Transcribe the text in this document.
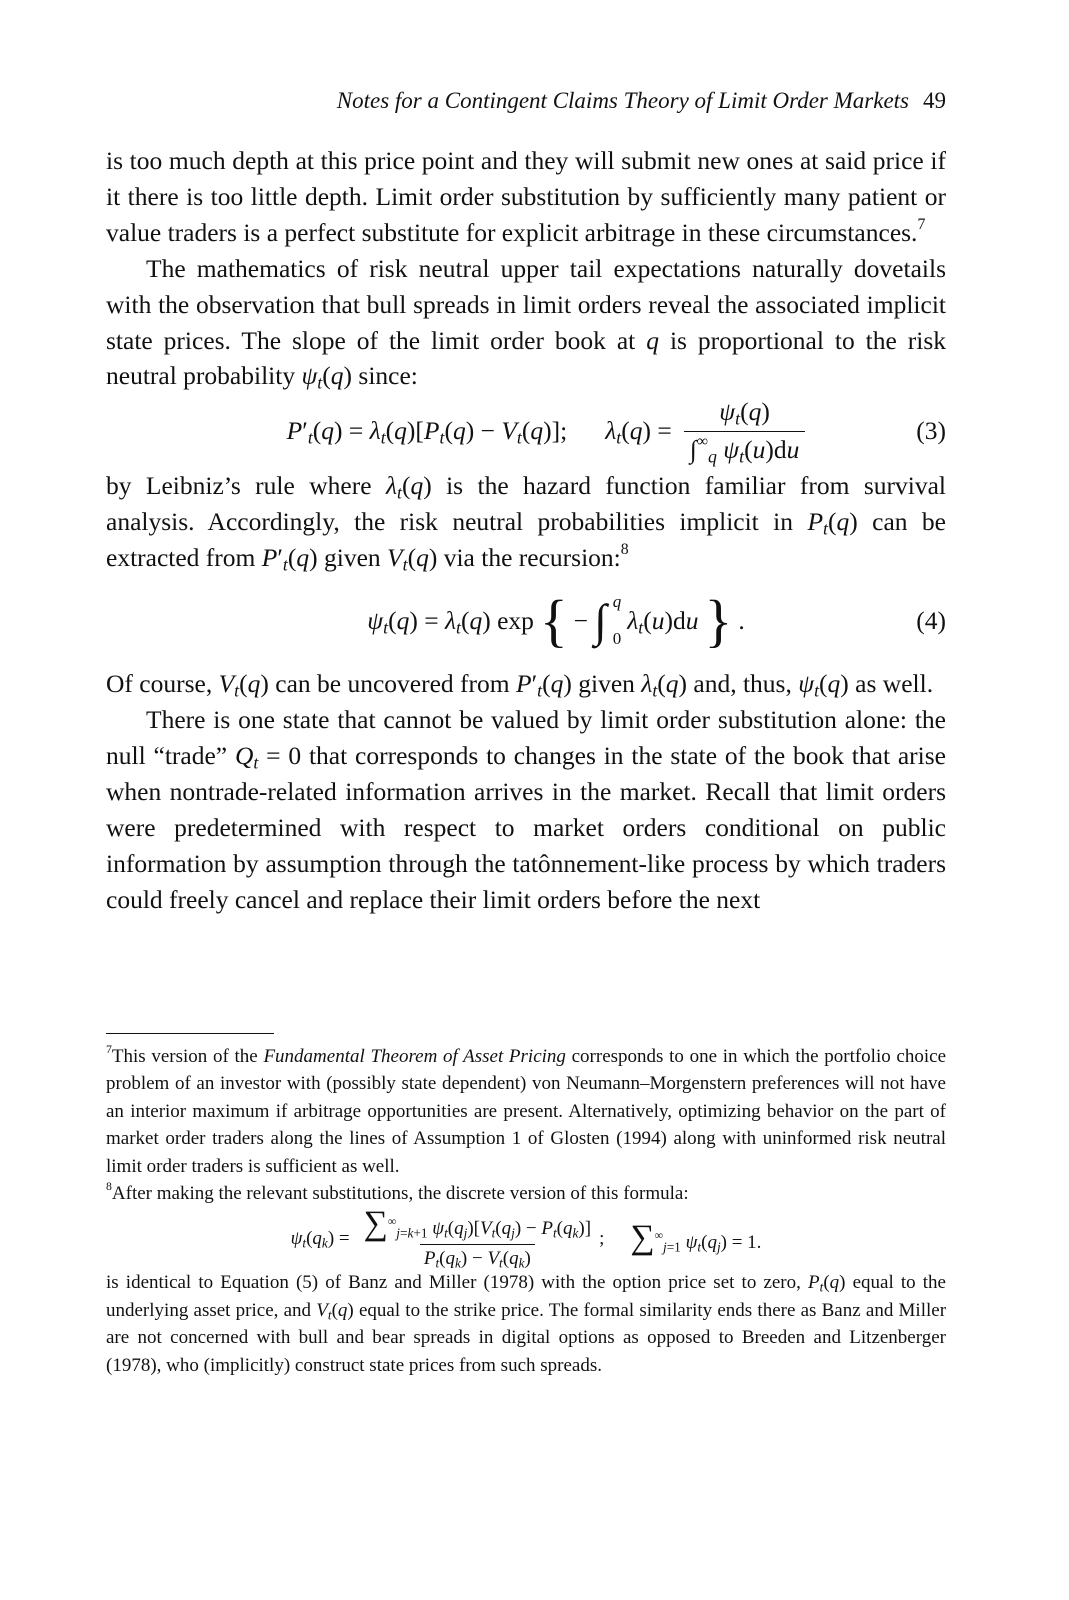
Notes for a Contingent Claims Theory of Limit Order Markets 49

is too much depth at this price point and they will submit new ones at said price if it there is too little depth. Limit order substitution by sufficiently many patient or value traders is a perfect substitute for explicit arbitrage in these circumstances.$^7$

The mathematics of risk neutral upper tail expectations naturally dovetails with the observation that bull spreads in limit orders reveal the associated implicit state prices. The slope of the limit order book at q is proportional to the risk neutral probability $\psi_t(q)$ since:

$P'_t(q) = \lambda_t(q)[P_t(q) - V_t(q)]$; $\lambda_t(q) = \frac{\psi_t(q)}{\int^\infty_q \psi_t(u)du}$	(3)

by Leibniz’s rule where $\lambda_t(q)$ is the hazard function familiar from survival analysis. Accordingly, the risk neutral probabilities implicit in $P_t(q)$ can be extracted from $P'_t(q)$ given $V_t(q)$ via the recursion:$^8$

$\psi_t(q) = \lambda_t(q)$ exp { − ∫ q
0
$\lambda_t(u)du$ } .	(4)

Of course, $V_t(q)$ can be uncovered from $P'_t(q)$ given $\lambda_t(q)$ and, thus, $\psi_t(q)$ as well.

There is one state that cannot be valued by limit order substitution alone: the null “trade” $Q_t = 0$ that corresponds to changes in the state of the book that arise when nontrade-related information arrives in the market. Recall that limit orders were predetermined with respect to market orders conditional on public information by assumption through the tatônnement-like process by which traders could freely cancel and replace their limit orders before the next

$^7$This version of the Fundamental Theorem of Asset Pricing corresponds to one in which the portfolio choice problem of an investor with (possibly state dependent) von Neumann–Morgenstern preferences will not have an interior maximum if arbitrage opportunities are present. Alternatively, optimizing behavior on the part of market order traders along the lines of Assumption 1 of Glosten (1994) along with uninformed risk neutral limit order traders is sufficient as well.

$^8$After making the relevant substitutions, the discrete version of this formula:

$\psi_t(q_k) = \frac{\sum^\infty_{j=k+1} \psi_t(q_j)[V_t(q_j) - P_t(q_k)]}{P_t(q_k) - V_t(q_k)}$ ; $\sum^\infty_{j=1}$ $\psi_t(q_j) = 1$.

is identical to Equation (5) of Banz and Miller (1978) with the option price set to zero, $P_t(q)$ equal to the underlying asset price, and $V_t(q)$ equal to the strike price. The formal similarity ends there as Banz and Miller are not concerned with bull and bear spreads in digital options as opposed to Breeden and Litzenberger (1978), who (implicitly) construct state prices from such spreads.
